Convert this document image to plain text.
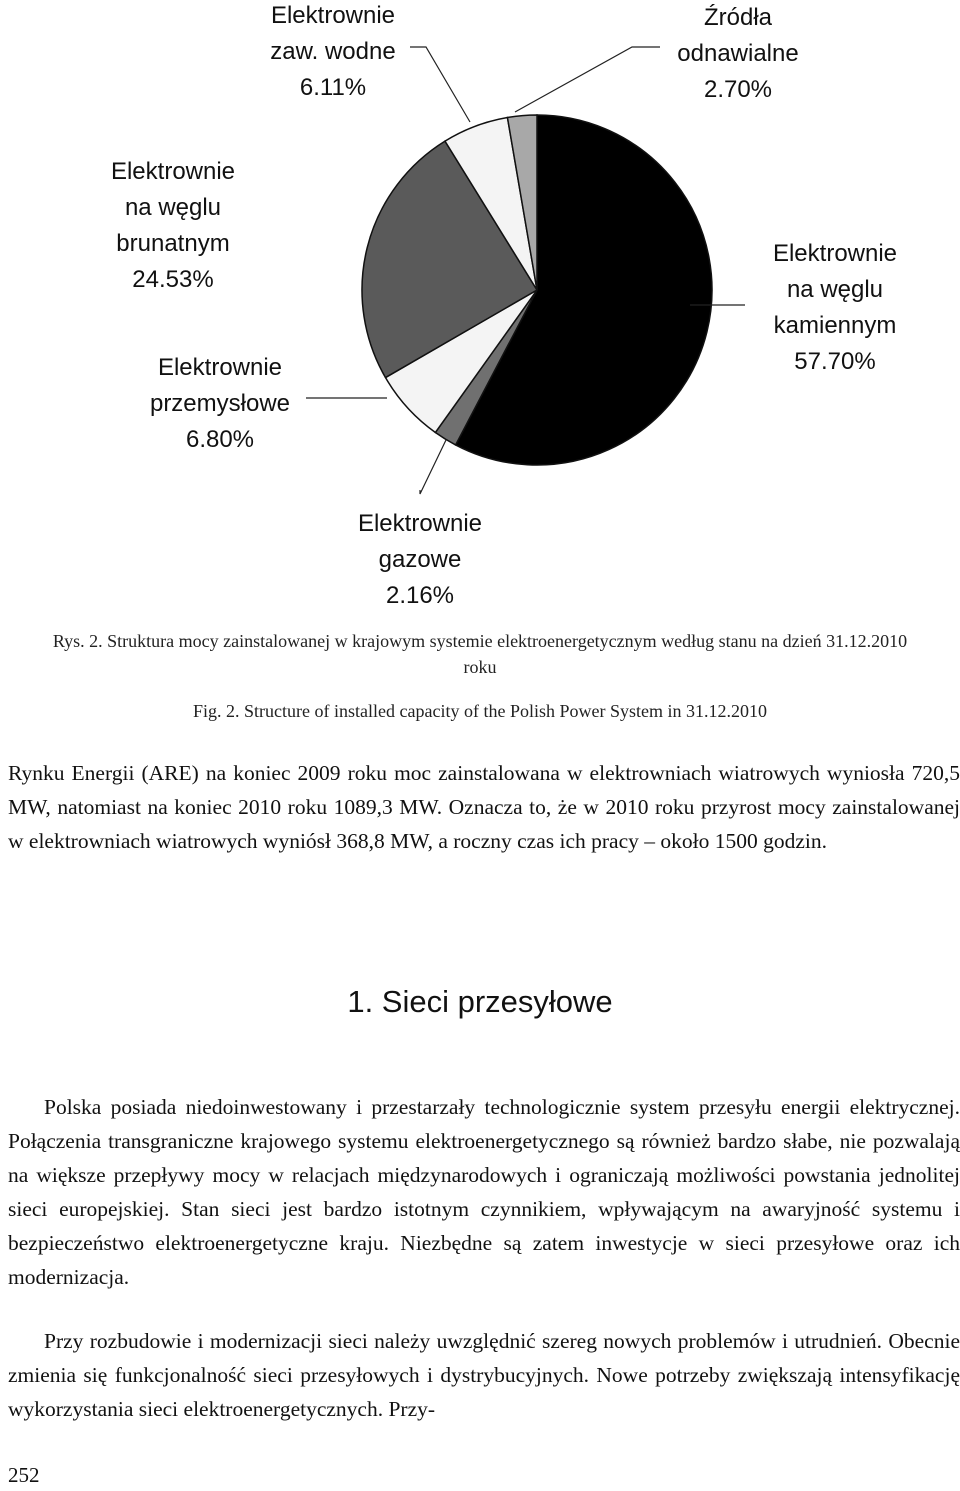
Elektrownie
na węglu
kamiennym
57.70%
Elektrownie
gazowe
2.16%
Elektrownie
przemysłowe
6.80%
Elektrownie
na węglu
brunatnym
24.53%
Elektrownie
zaw. wodne
6.11%
Źródła
odnawialne
2.70%
Rys. 2. Struktura mocy zainstalowanej w krajowym systemie elektroenergetycznym według stanu na dzień 31.12.2010 roku
Fig. 2. Structure of installed capacity of the Polish Power System in 31.12.2010

Rynku Energii (ARE) na koniec 2009 roku moc zainstalowana w elektrowniach wiatrowych wyniosła 720,5 MW, natomiast na koniec 2010 roku 1089,3 MW. Oznacza to, że w 2010 roku przyrost mocy zainstalowanej w elektrowniach wiatrowych wyniósł 368,8 MW, a roczny czas ich pracy – około 1500 godzin.

1. Sieci przesyłowe

Polska posiada niedoinwestowany i przestarzały technologicznie system przesyłu energii elektrycznej. Połączenia transgraniczne krajowego systemu elektroenergetycznego są również bardzo słabe, nie pozwalają na większe przepływy mocy w relacjach międzynarodowych i ograniczają możliwości powstania jednolitej sieci europejskiej. Stan sieci jest bardzo istotnym czynnikiem, wpływającym na awaryjność systemu i bezpieczeństwo elektroenergetyczne kraju. Niezbędne są zatem inwestycje w sieci przesyłowe oraz ich modernizacja.

Przy rozbudowie i modernizacji sieci należy uwzględnić szereg nowych problemów i utrudnień. Obecnie zmienia się funkcjonalność sieci przesyłowych i dystrybucyjnych. Nowe potrzeby zwiększają intensyfikację wykorzystania sieci elektroenergetycznych. Przy-

252
